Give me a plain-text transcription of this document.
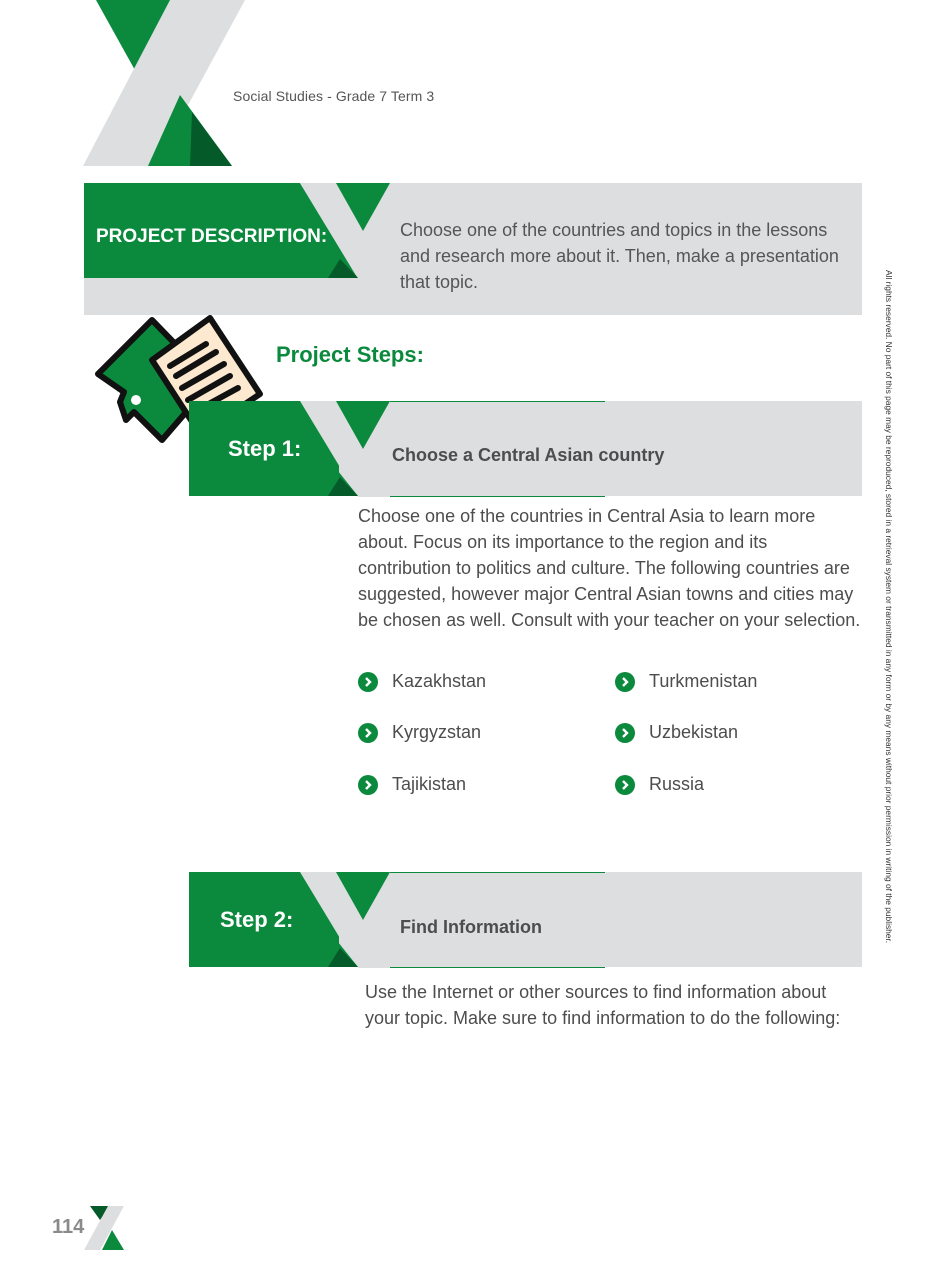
Social Studies - Grade 7 Term 3
PROJECT DESCRIPTION:	Choose one of the countries and topics in the lessons and research more about it. Then, make a presentation that topic.
Project Steps:
Step 1:	Choose a Central Asian country
Choose one of the countries in Central Asia to learn more about. Focus on its importance to the region and its contribution to politics and culture. The following countries are suggested, however major Central Asian towns and cities may be chosen as well. Consult with your teacher on your selection.
Kazakhstan	Turkmenistan
Kyrgyzstan	Uzbekistan
Tajikistan	Russia
Step 2:	Find Information
Use the Internet or other sources to find information about your topic. Make sure to find information to do the following:
All rights reserved. No part of this page may be reproduced, stored in a retrieval system or transmitted in any form or by any means without prior permission in writing of the publisher.
114
